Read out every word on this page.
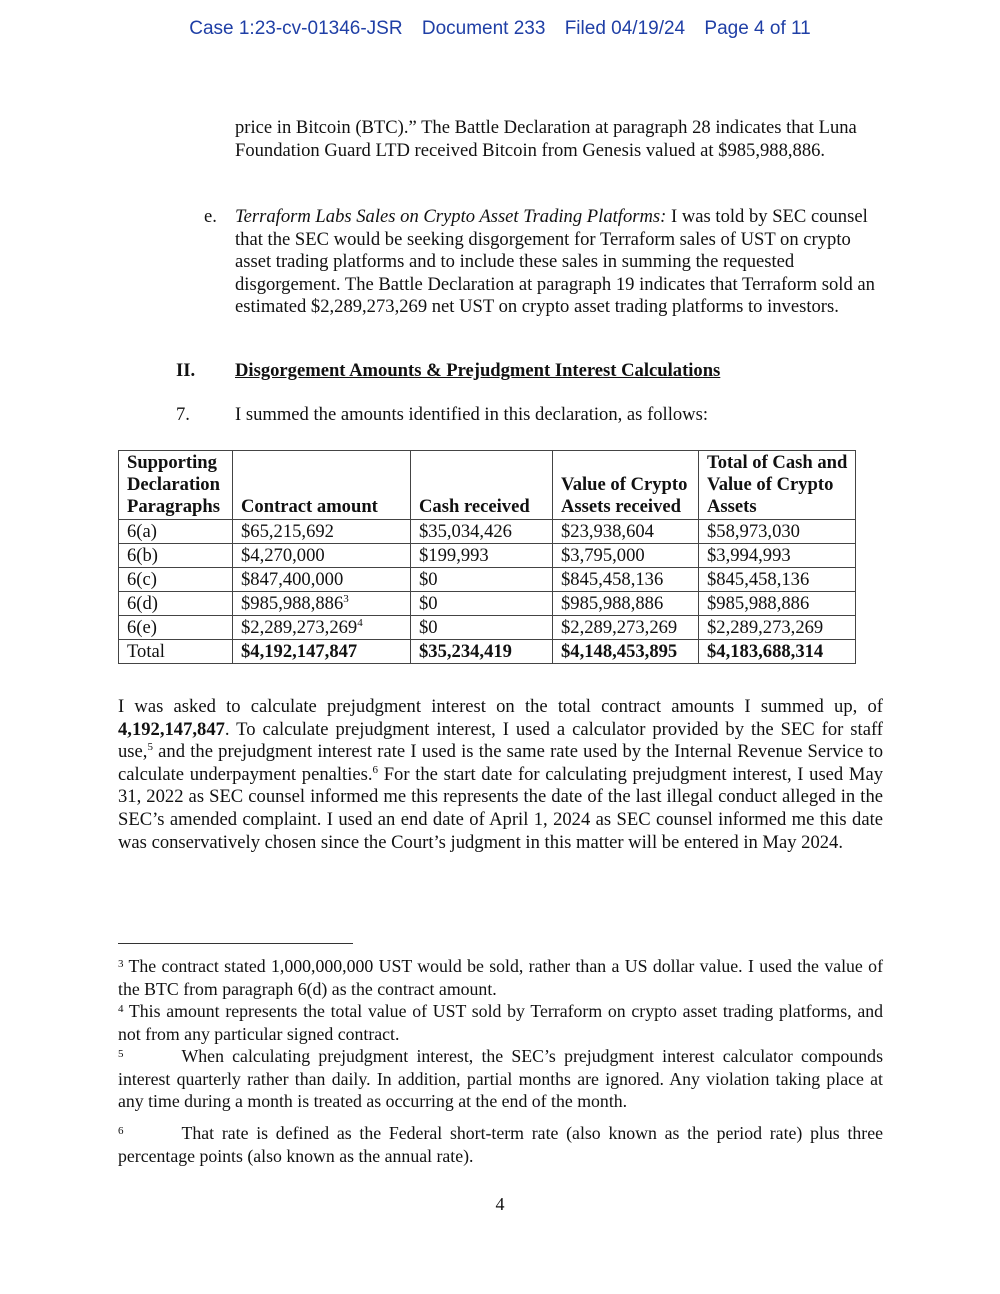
Case 1:23-cv-01346-JSR Document 233 Filed 04/19/24 Page 4 of 11
price in Bitcoin (BTC).” The Battle Declaration at paragraph 28 indicates that Luna Foundation Guard LTD received Bitcoin from Genesis valued at $985,988,886.
e. Terraform Labs Sales on Crypto Asset Trading Platforms: I was told by SEC counsel that the SEC would be seeking disgorgement for Terraform sales of UST on crypto asset trading platforms and to include these sales in summing the requested disgorgement. The Battle Declaration at paragraph 19 indicates that Terraform sold an estimated $2,289,273,269 net UST on crypto asset trading platforms to investors.
II. Disgorgement Amounts & Prejudgment Interest Calculations
7. I summed the amounts identified in this declaration, as follows:
Supporting Declaration Paragraphs	Contract amount	Cash received	Value of Crypto Assets received	Total of Cash and Value of Crypto Assets
6(a)	$65,215,692	$35,034,426	$23,938,604	$58,973,030
6(b)	$4,270,000	$199,993	$3,795,000	$3,994,993
6(c)	$847,400,000	$0	$845,458,136	$845,458,136
6(d)	$985,988,886$^3$	$0	$985,988,886	$985,988,886
6(e)	$2,289,273,269$^4$	$0	$2,289,273,269	$2,289,273,269
Total	$4,192,147,847	$35,234,419	$4,148,453,895	$4,183,688,314
I was asked to calculate prejudgment interest on the total contract amounts I summed up, of 4,192,147,847. To calculate prejudgment interest, I used a calculator provided by the SEC for staff use,$^5$ and the prejudgment interest rate I used is the same rate used by the Internal Revenue Service to calculate underpayment penalties.$^6$ For the start date for calculating prejudgment interest, I used May 31, 2022 as SEC counsel informed me this represents the date of the last illegal conduct alleged in the SEC’s amended complaint. I used an end date of April 1, 2024 as SEC counsel informed me this date was conservatively chosen since the Court’s judgment in this matter will be entered in May 2024.
$^3$ The contract stated 1,000,000,000 UST would be sold, rather than a US dollar value. I used the value of the BTC from paragraph 6(d) as the contract amount.
$^4$ This amount represents the total value of UST sold by Terraform on crypto asset trading platforms, and not from any particular signed contract.
$^5$	When calculating prejudgment interest, the SEC’s prejudgment interest calculator compounds interest quarterly rather than daily. In addition, partial months are ignored. Any violation taking place at any time during a month is treated as occurring at the end of the month.
$^6$	That rate is defined as the Federal short-term rate (also known as the period rate) plus three percentage points (also known as the annual rate).
4
